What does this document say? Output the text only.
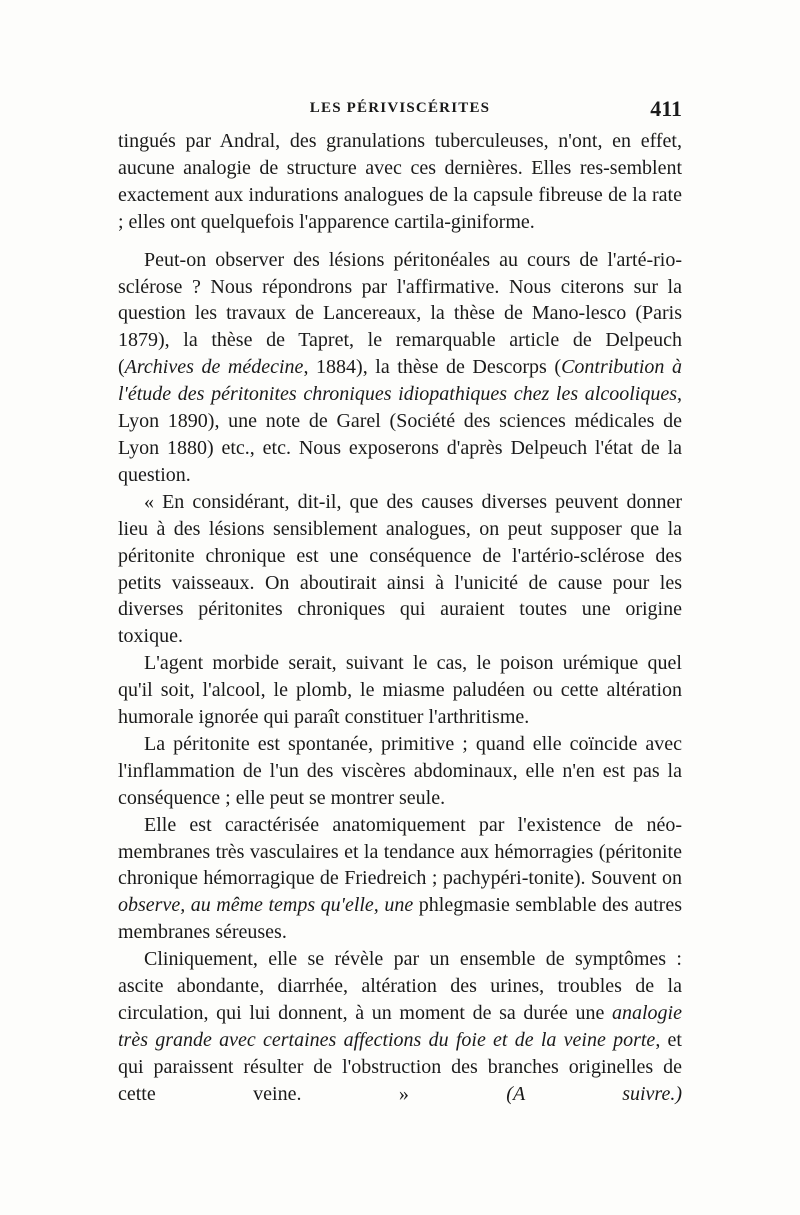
LES PÉRIVISCÉRITES	411

tingués par Andral, des granulations tuberculeuses, n'ont, en effet, aucune analogie de structure avec ces dernières. Elles res-semblent exactement aux indurations analogues de la capsule fibreuse de la rate ; elles ont quelquefois l'apparence cartila-giniforme.

Peut-on observer des lésions péritonéales au cours de l'arté-rio-sclérose ? Nous répondrons par l'affirmative. Nous citerons sur la question les travaux de Lancereaux, la thèse de Mano-lesco (Paris 1879), la thèse de Tapret, le remarquable article de Delpeuch (Archives de médecine, 1884), la thèse de Descorps (Contribution à l'étude des péritonites chroniques idiopathiques chez les alcooliques, Lyon 1890), une note de Garel (Société des sciences médicales de Lyon 1880) etc., etc. Nous exposerons d'après Delpeuch l'état de la question.

« En considérant, dit-il, que des causes diverses peuvent donner lieu à des lésions sensiblement analogues, on peut supposer que la péritonite chronique est une conséquence de l'artério-sclérose des petits vaisseaux. On aboutirait ainsi à l'unicité de cause pour les diverses péritonites chroniques qui auraient toutes une origine toxique.

L'agent morbide serait, suivant le cas, le poison urémique quel qu'il soit, l'alcool, le plomb, le miasme paludéen ou cette altération humorale ignorée qui paraît constituer l'arthritisme.

La péritonite est spontanée, primitive ; quand elle coïncide avec l'inflammation de l'un des viscères abdominaux, elle n'en est pas la conséquence ; elle peut se montrer seule.

Elle est caractérisée anatomiquement par l'existence de néo-membranes très vasculaires et la tendance aux hémorragies (péritonite chronique hémorragique de Friedreich ; pachypéri-tonite). Souvent on observe, au même temps qu'elle, une phlegmasie semblable des autres membranes séreuses.

Cliniquement, elle se révèle par un ensemble de symptômes : ascite abondante, diarrhée, altération des urines, troubles de la circulation, qui lui donnent, à un moment de sa durée une analogie très grande avec certaines affections du foie et de la veine porte, et qui paraissent résulter de l'obstruction des branches originelles de cette veine. »	(A suivre.)
